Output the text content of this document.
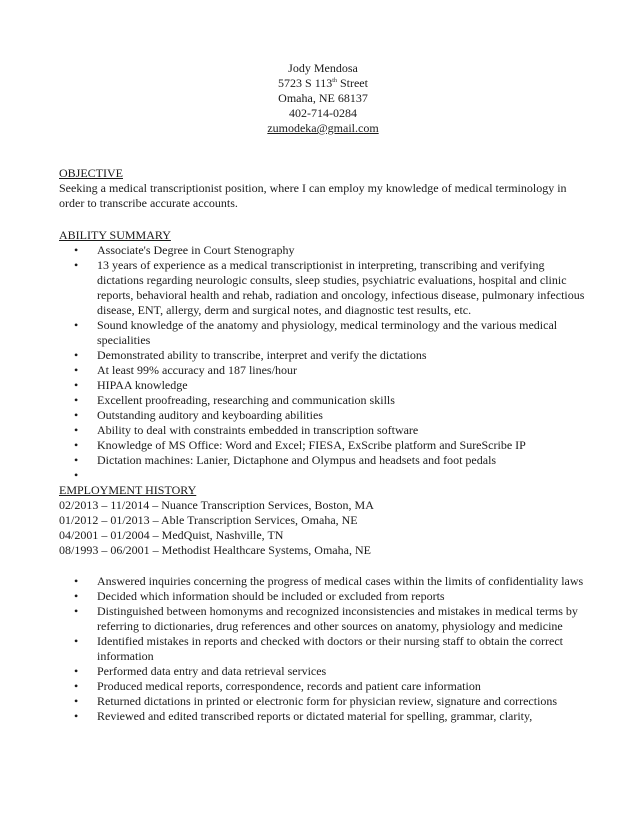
Jody Mendosa
5723 S 113th Street
Omaha, NE 68137
402-714-0284
zumodeka@gmail.com
OBJECTIVE
Seeking a medical transcriptionist position, where I can employ my knowledge of medical terminology in order to transcribe accurate accounts.
ABILITY SUMMARY
• Associate's Degree in Court Stenography
• 13 years of experience as a medical transcriptionist in interpreting, transcribing and verifying dictations regarding neurologic consults, sleep studies, psychiatric evaluations, hospital and clinic reports, behavioral health and rehab, radiation and oncology, infectious disease, pulmonary infectious disease, ENT, allergy, derm and surgical notes, and diagnostic test results, etc.
• Sound knowledge of the anatomy and physiology, medical terminology and the various medical specialities
• Demonstrated ability to transcribe, interpret and verify the dictations
• At least 99% accuracy and 187 lines/hour
• HIPAA knowledge
• Excellent proofreading, researching and communication skills
• Outstanding auditory and keyboarding abilities
• Ability to deal with constraints embedded in transcription software
• Knowledge of MS Office: Word and Excel; FIESA, ExScribe platform and SureScribe IP
• Dictation machines: Lanier, Dictaphone and Olympus and headsets and foot pedals
•
EMPLOYMENT HISTORY
02/2013 – 11/2014 – Nuance Transcription Services, Boston, MA
01/2012 – 01/2013 – Able Transcription Services, Omaha, NE
04/2001 – 01/2004 – MedQuist, Nashville, TN
08/1993 – 06/2001 – Methodist Healthcare Systems, Omaha, NE
• Answered inquiries concerning the progress of medical cases within the limits of confidentiality laws
• Decided which information should be included or excluded from reports
• Distinguished between homonyms and recognized inconsistencies and mistakes in medical terms by referring to dictionaries, drug references and other sources on anatomy, physiology and medicine
• Identified mistakes in reports and checked with doctors or their nursing staff to obtain the correct information
• Performed data entry and data retrieval services
• Produced medical reports, correspondence, records and patient care information
• Returned dictations in printed or electronic form for physician review, signature and corrections
• Reviewed and edited transcribed reports or dictated material for spelling, grammar, clarity,
